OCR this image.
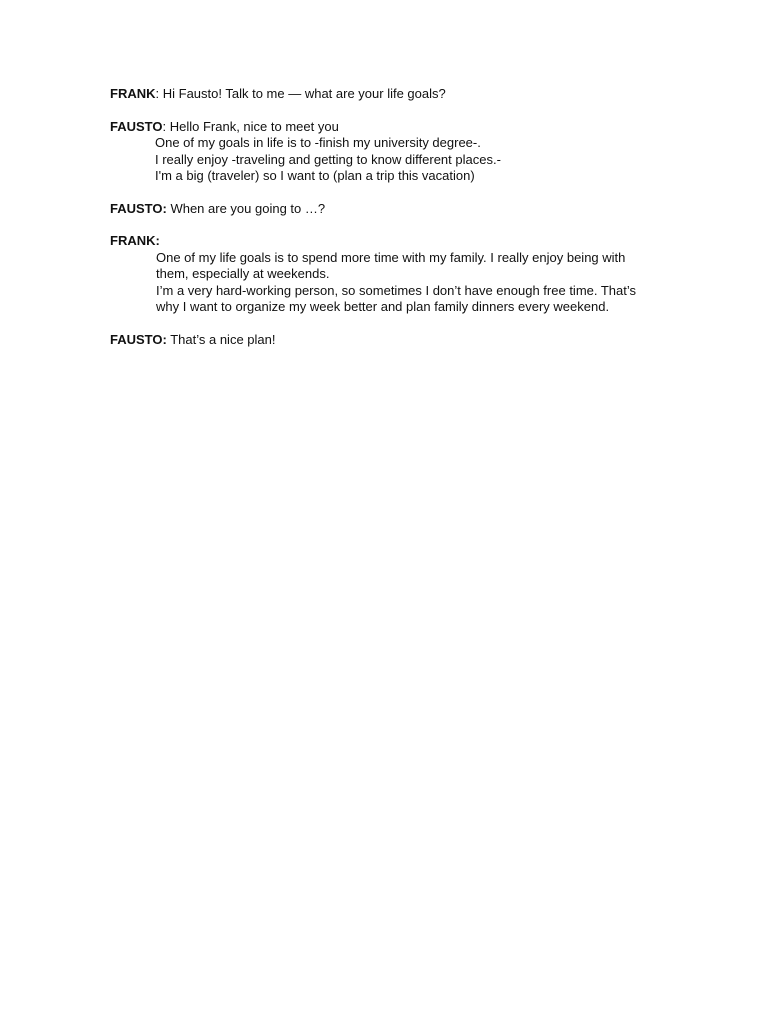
FRANK: Hi Fausto! Talk to me — what are your life goals?
FAUSTO: Hello Frank, nice to meet you
One of my goals in life is to -finish my university degree-.
I really enjoy -traveling and getting to know different places.-
I'm a big (traveler) so I want to (plan a trip this vacation)
FAUSTO: When are you going to …?
FRANK:
One of my life goals is to spend more time with my family. I really enjoy being with them, especially at weekends.
I’m a very hard-working person, so sometimes I don’t have enough free time. That’s why I want to organize my week better and plan family dinners every weekend.
FAUSTO: That’s a nice plan!
